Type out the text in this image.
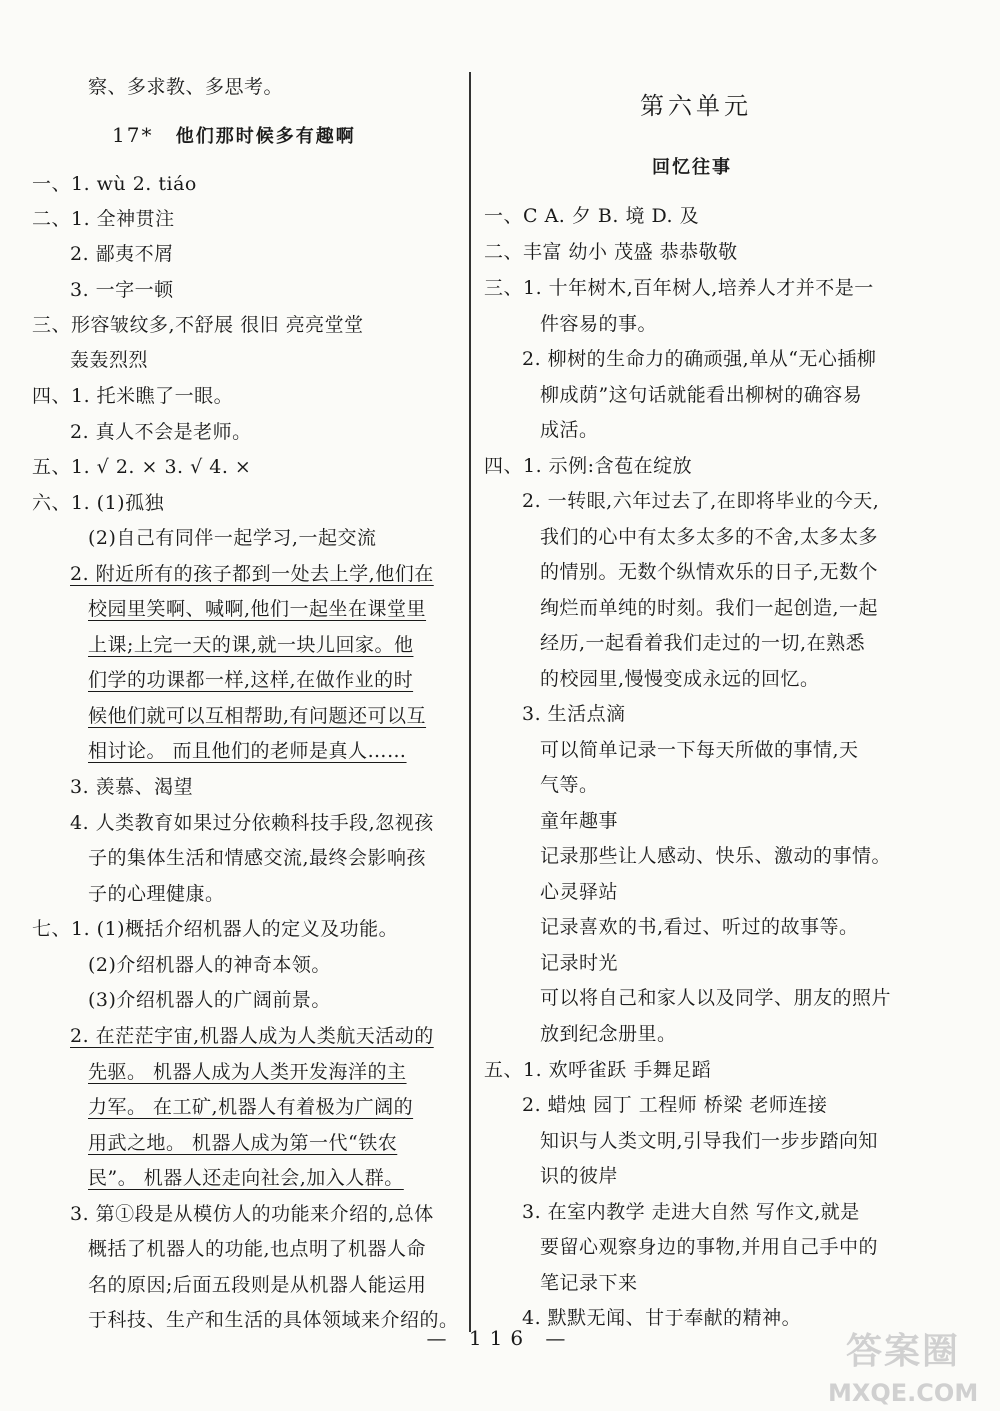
察、多求教、多思考。
17* 他们那时候多有趣啊
一、1. wù 2. tiáo
二、1. 全神贯注
2. 鄙夷不屑
3. 一字一顿
三、形容皱纹多,不舒展 很旧 亮亮堂堂
轰轰烈烈
四、1. 托米瞧了一眼。
2. 真人不会是老师。
五、1. √ 2. × 3. √ 4. ×
六、1. (1)孤独
(2)自己有同伴一起学习,一起交流
2. 附近所有的孩子都到一处去上学,他们在
校园里笑啊、喊啊,他们一起坐在课堂里
上课;上完一天的课,就一块儿回家。他
们学的功课都一样,这样,在做作业的时
候他们就可以互相帮助,有问题还可以互
相讨论。 而且他们的老师是真人……
3. 羡慕、渴望
4. 人类教育如果过分依赖科技手段,忽视孩
子的集体生活和情感交流,最终会影响孩
子的心理健康。
七、1. (1)概括介绍机器人的定义及功能。
(2)介绍机器人的神奇本领。
(3)介绍机器人的广阔前景。
2. 在茫茫宇宙,机器人成为人类航天活动的
先驱。 机器人成为人类开发海洋的主
力军。 在工矿,机器人有着极为广阔的
用武之地。 机器人成为第一代“铁农
民”。 机器人还走向社会,加入人群。
3. 第①段是从模仿人的功能来介绍的,总体
概括了机器人的功能,也点明了机器人命
名的原因;后面五段则是从机器人能运用
于科技、生产和生活的具体领域来介绍的。
第六单元
回忆往事
一、C A. 夕 B. 境 D. 及
二、丰富 幼小 茂盛 恭恭敬敬
三、1. 十年树木,百年树人,培养人才并不是一
件容易的事。
2. 柳树的生命力的确顽强,单从“无心插柳
柳成荫”这句话就能看出柳树的确容易
成活。
四、1. 示例:含苞在绽放
2. 一转眼,六年过去了,在即将毕业的今天,
我们的心中有太多太多的不舍,太多太多
的情别。无数个纵情欢乐的日子,无数个
绚烂而单纯的时刻。我们一起创造,一起
经历,一起看着我们走过的一切,在熟悉
的校园里,慢慢变成永远的回忆。
3. 生活点滴
可以简单记录一下每天所做的事情,天
气等。
童年趣事
记录那些让人感动、快乐、激动的事情。
心灵驿站
记录喜欢的书,看过、听过的故事等。
记录时光
可以将自己和家人以及同学、朋友的照片
放到纪念册里。
五、1. 欢呼雀跃 手舞足蹈
2. 蜡烛 园丁 工程师 桥梁 老师连接
知识与人类文明,引导我们一步步踏向知
识的彼岸
3. 在室内教学 走进大自然 写作文,就是
要留心观察身边的事物,并用自己手中的
笔记录下来
4. 默默无闻、甘于奉献的精神。
— 116 —	答案圈
MXQE.COM
